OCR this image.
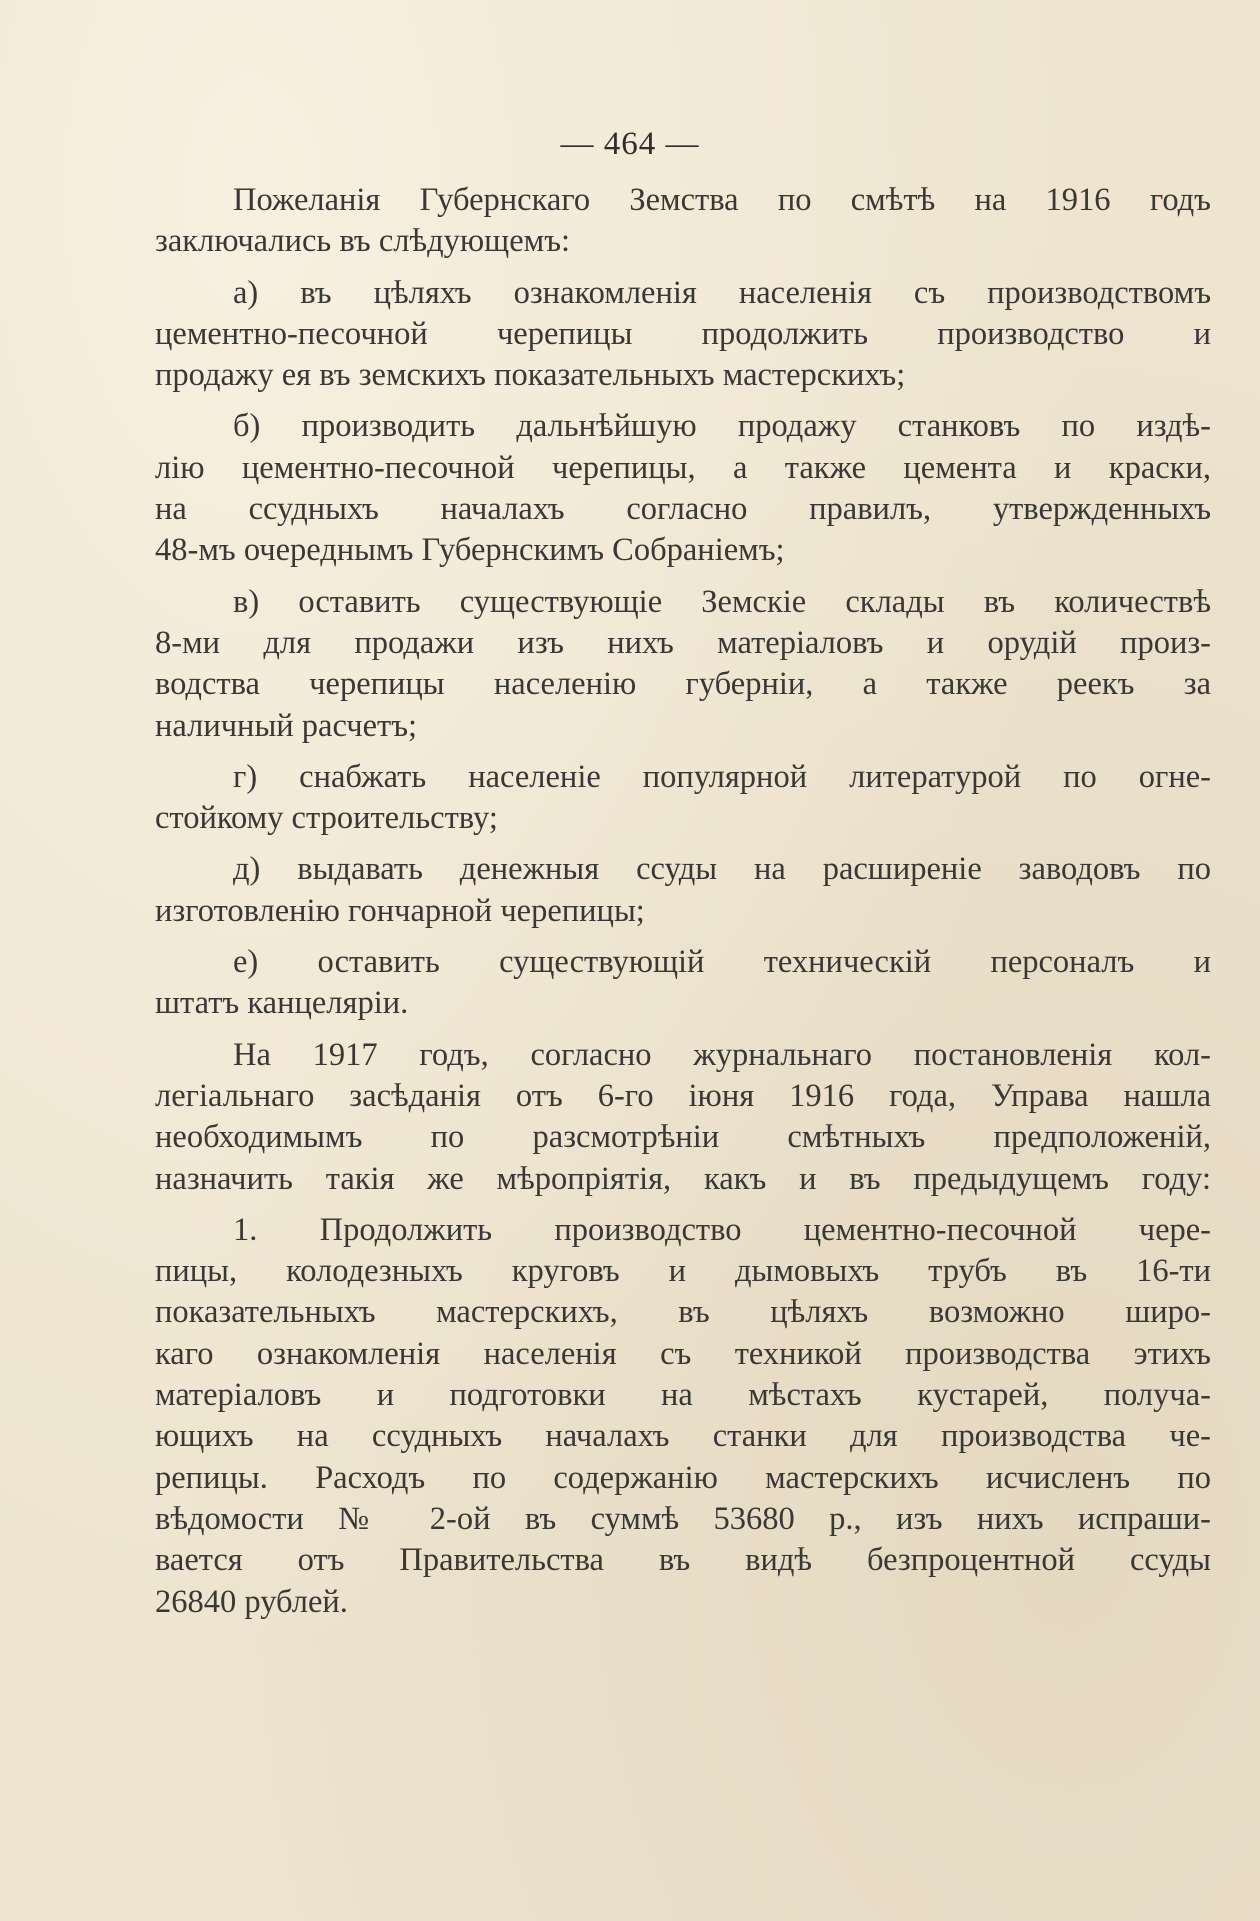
— 464 —

Пожеланія Губернскаго Земства по смѣтѣ на 1916 годъ
заключались въ слѣдующемъ:

а) въ цѣляхъ ознакомленія населенія съ производствомъ
цементно-песочной черепицы продолжить производство и
продажу ея въ земскихъ показательныхъ мастерскихъ;

б) производить дальнѣйшую продажу станковъ по издѣ-
лію цементно-песочной черепицы, а также цемента и краски,
на ссудныхъ началахъ согласно правилъ, утвержденныхъ
48-мъ очереднымъ Губернскимъ Собраніемъ;

в) оставить существующіе Земскіе склады въ количествѣ
8-ми для продажи изъ нихъ матеріаловъ и орудій произ-
водства черепицы населенію губерніи, а также реекъ за
наличный расчетъ;

г) снабжать населеніе популярной литературой по огне-
стойкому строительству;

д) выдавать денежныя ссуды на расширеніе заводовъ по
изготовленію гончарной черепицы;

е) оставить существующій техническій персоналъ и
штатъ канцеляріи.

На 1917 годъ, согласно журнальнаго постановленія кол-
легіальнаго засѣданія отъ 6-го іюня 1916 года, Управа нашла
необходимымъ по разсмотрѣніи смѣтныхъ предположеній,
назначить такія же мѣропріятія, какъ и въ предыдущемъ году:

1. Продолжить производство цементно-песочной чере-
пицы, колодезныхъ круговъ и дымовыхъ трубъ въ 16-ти
показательныхъ мастерскихъ, въ цѣляхъ возможно широ-
каго ознакомленія населенія съ техникой производства этихъ
матеріаловъ и подготовки на мѣстахъ кустарей, получа-
ющихъ на ссудныхъ началахъ станки для производства че-
репицы. Расходъ по содержанію мастерскихъ исчисленъ по
вѣдомости № 2-ой въ суммѣ 53680 р., изъ нихъ испраши-
вается отъ Правительства въ видѣ безпроцентной ссуды
26840 рублей.
